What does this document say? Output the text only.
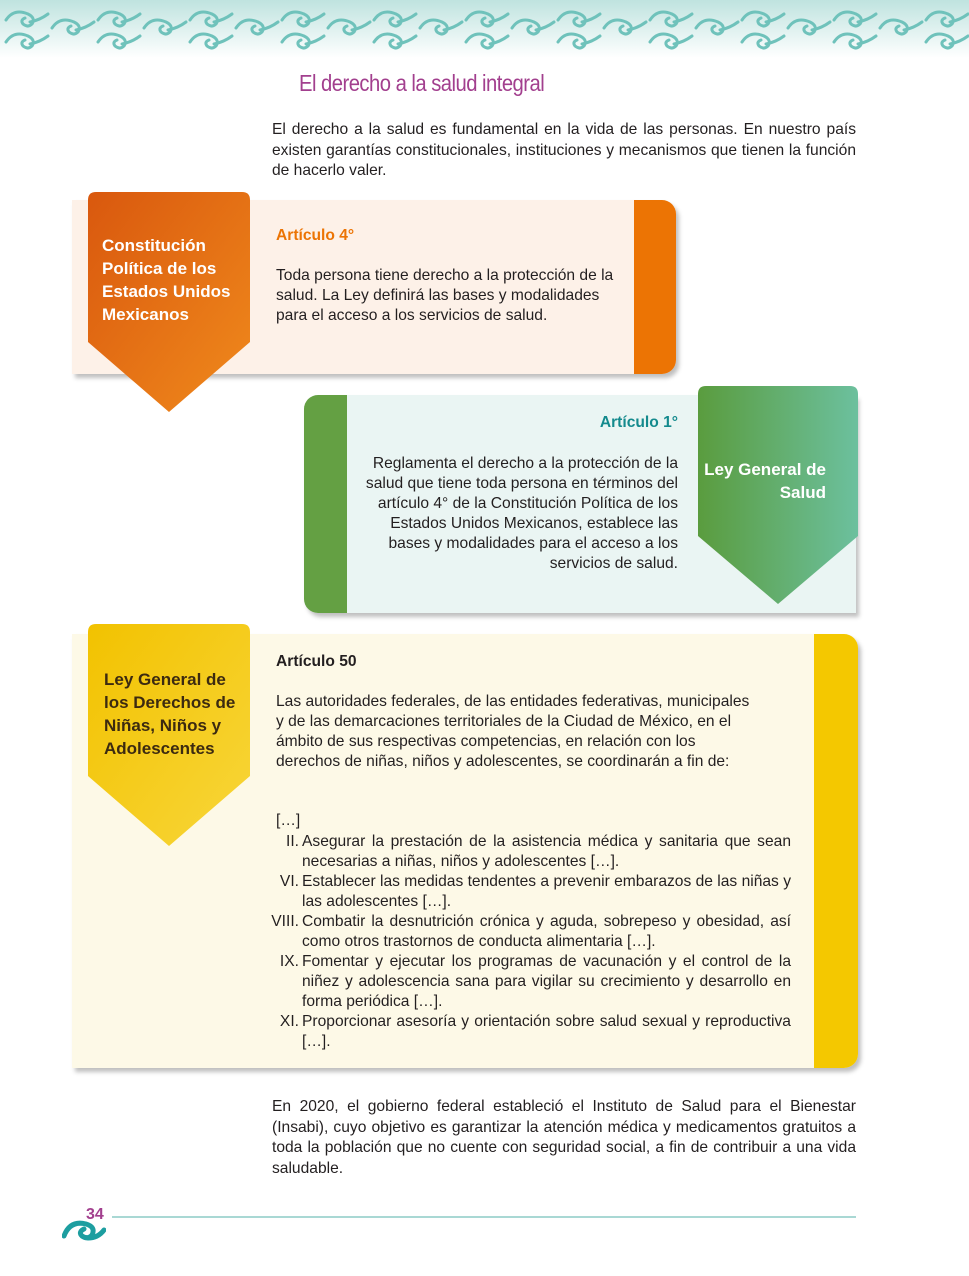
El derecho a la salud integral
El derecho a la salud es fundamental en la vida de las personas. En nuestro país existen garantías constitucionales, instituciones y mecanismos que tienen la función de hacerlo valer.
Constitución Política de los Estados Unidos Mexicanos
Artículo 4°
Toda persona tiene derecho a la protección de la salud. La Ley definirá las bases y modalidades para el acceso a los servicios de salud.
Ley General de Salud
Artículo 1°
Reglamenta el derecho a la protección de la salud que tiene toda persona en términos del artículo 4° de la Constitución Política de los Estados Unidos Mexicanos, establece las bases y modalidades para el acceso a los servicios de salud.
Ley General de los Derechos de Niñas, Niños y Adolescentes
Artículo 50
Las autoridades federales, de las entidades federativas, municipales y de las demarcaciones territoriales de la Ciudad de México, en el ámbito de sus respectivas competencias, en relación con los derechos de niñas, niños y adolescentes, se coordinarán a fin de:
[…]
II. Asegurar la prestación de la asistencia médica y sanitaria que sean necesarias a niñas, niños y adolescentes […].
VI. Establecer las medidas tendentes a prevenir embarazos de las niñas y las adolescentes […].
VIII. Combatir la desnutrición crónica y aguda, sobrepeso y obesidad, así como otros trastornos de conducta alimentaria […].
IX. Fomentar y ejecutar los programas de vacunación y el control de la niñez y adolescencia sana para vigilar su crecimiento y desarrollo en forma periódica […].
XI. Proporcionar asesoría y orientación sobre salud sexual y reproductiva […].
En 2020, el gobierno federal estableció el Instituto de Salud para el Bienestar (Insabi), cuyo objetivo es garantizar la atención médica y medicamentos gratuitos a toda la población que no cuente con seguridad social, a fin de contribuir a una vida saludable.
34
